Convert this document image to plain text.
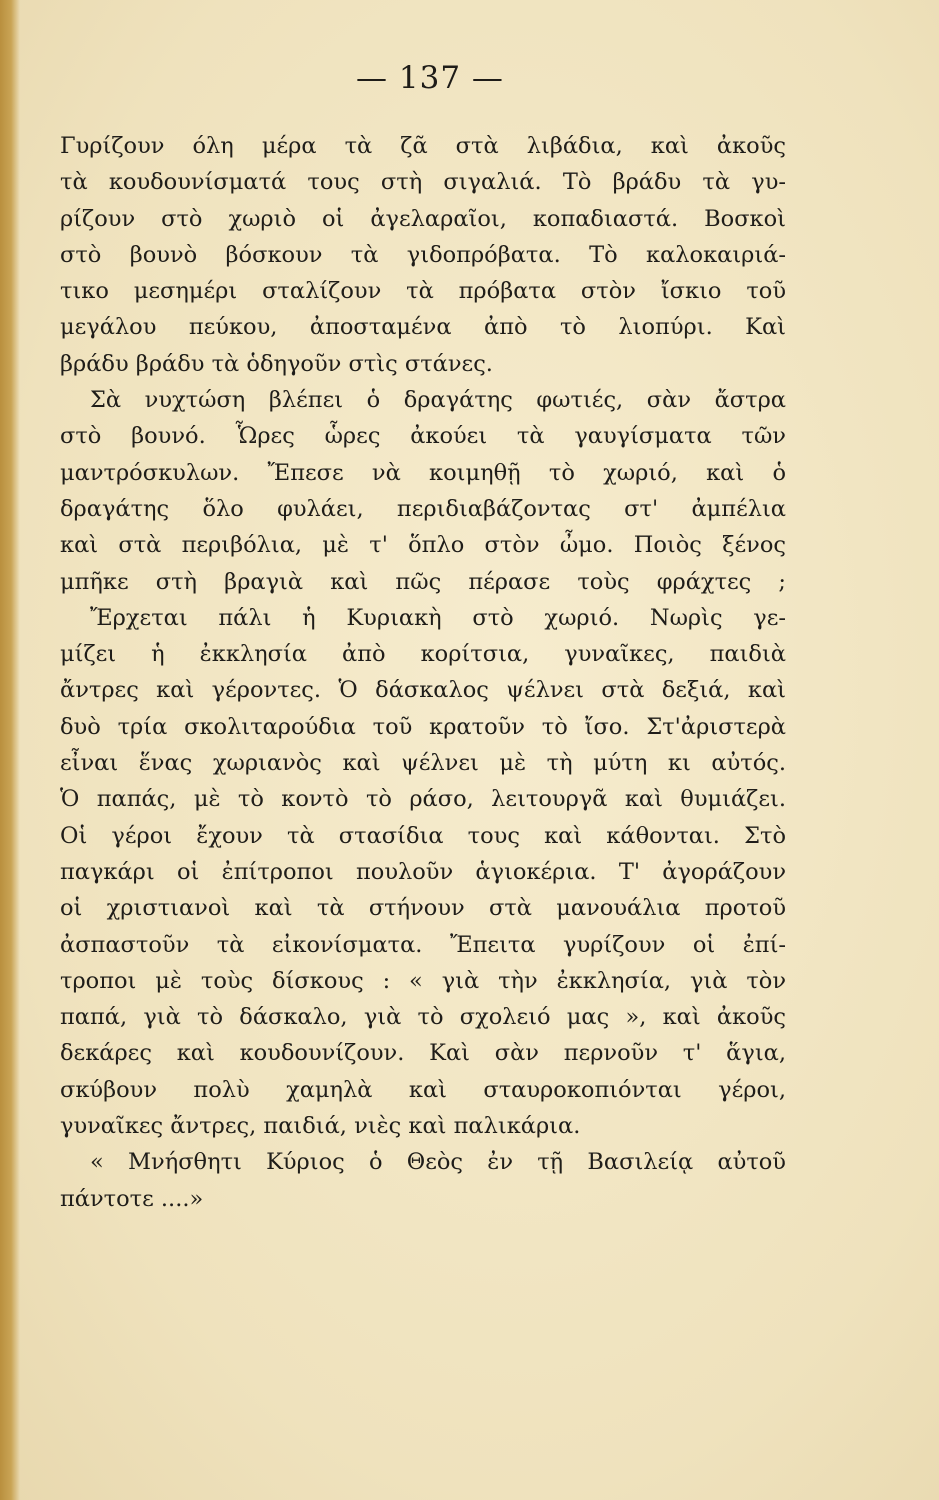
— 137 —
Γυρίζουν όλη μέρα τὰ ζᾶ στὰ λιβάδια, καὶ ἀκοῦς
τὰ κουδουνίσματά τους στὴ σιγαλιά. Τὸ βράδυ τὰ γυ-
ρίζουν στὸ χωριὸ οἱ ἀγελαραῖοι, κοπαδιαστά. Βοσκοὶ
στὸ βουνὸ βόσκουν τὰ γιδοπρόβατα. Τὸ καλοκαιριά-
τικο μεσημέρι σταλίζουν τὰ πρόβατα στὸν ἴσκιο τοῦ
μεγάλου πεύκου, ἀποσταμένα ἀπὸ τὸ λιοπύρι. Καὶ
βράδυ βράδυ τὰ ὁδηγοῦν στὶς στάνες.
Σὰ νυχτώση βλέπει ὁ δραγάτης φωτιές, σὰν ἄστρα
στὸ βουνό. Ὧρες ὧρες ἀκούει τὰ γαυγίσματα τῶν
μαντρόσκυλων. Ἔπεσε νὰ κοιμηθῇ τὸ χωριό, καὶ ὁ
δραγάτης ὅλο φυλάει, περιδιαβάζοντας στ' ἀμπέλια
καὶ στὰ περιβόλια, μὲ τ' ὅπλο στὸν ὦμο. Ποιὸς ξένος
μπῆκε στὴ βραγιὰ καὶ πῶς πέρασε τοὺς φράχτες ;
Ἔρχεται πάλι ἡ Κυριακὴ στὸ χωριό. Νωρὶς γε-
μίζει ἡ ἐκκλησία ἀπὸ κορίτσια, γυναῖκες, παιδιὰ
ἄντρες καὶ γέροντες. Ὁ δάσκαλος ψέλνει στὰ δεξιά, καὶ
δυὸ τρία σκολιταρούδια τοῦ κρατοῦν τὸ ἴσο. Στ'ἀριστερὰ
εἶναι ἕνας χωριανὸς καὶ ψέλνει μὲ τὴ μύτη κι αὐτός.
Ὁ παπάς, μὲ τὸ κοντὸ τὸ ράσο, λειτουργᾶ καὶ θυμιάζει.
Οἱ γέροι ἔχουν τὰ στασίδια τους καὶ κάθονται. Στὸ
παγκάρι οἱ ἐπίτροποι πουλοῦν ἁγιοκέρια. Τ' ἀγοράζουν
οἱ χριστιανοὶ καὶ τὰ στήνουν στὰ μανουάλια προτοῦ
ἀσπαστοῦν τὰ εἰκονίσματα. Ἔπειτα γυρίζουν οἱ ἐπί-
τροποι μὲ τοὺς δίσκους : « γιὰ τὴν ἐκκλησία, γιὰ τὸν
παπά, γιὰ τὸ δάσκαλο, γιὰ τὸ σχολειό μας », καὶ ἀκοῦς
δεκάρες καὶ κουδουνίζουν. Καὶ σὰν περνοῦν τ' ἅγια,
σκύβουν πολὺ χαμηλὰ καὶ σταυροκοπιόνται γέροι,
γυναῖκες ἄντρες, παιδιά, νιὲς καὶ παλικάρια.
« Μνήσθητι Κύριος ὁ Θεὸς ἐν τῇ Βασιλείᾳ αὐτοῦ
πάντοτε ....»
